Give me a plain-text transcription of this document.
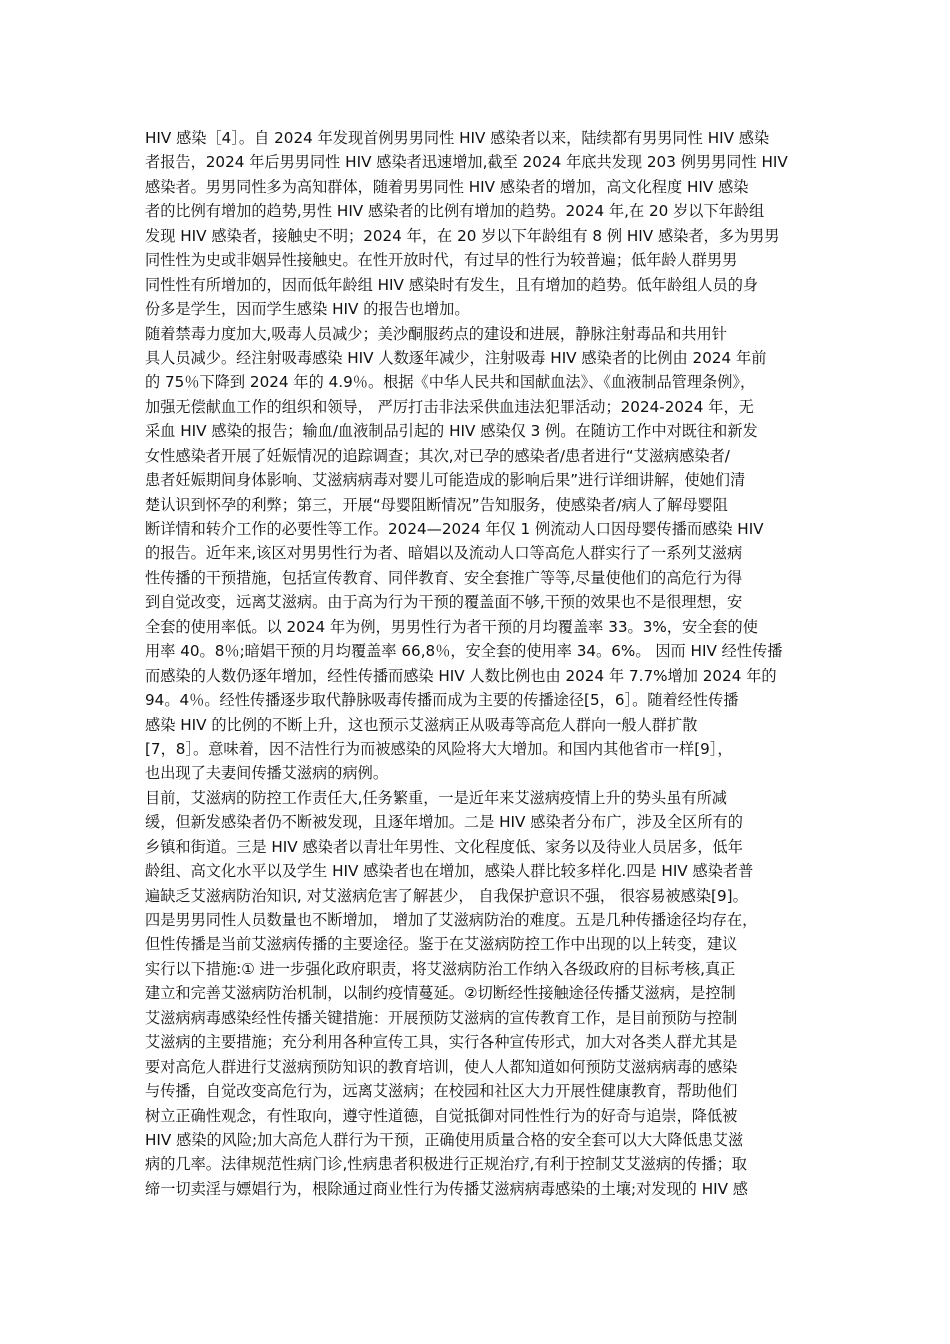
HIV 感染［4］。自 2024 年发现首例男男同性 HIV 感染者以来，陆续都有男男同性 HIV 感染
者报告，2024 年后男男同性 HIV 感染者迅速增加,截至 2024 年底共发现 203 例男男同性 HIV
感染者。男男同性多为高知群体，随着男男同性 HIV 感染者的增加，高文化程度 HIV 感染
者的比例有增加的趋势,男性 HIV 感染者的比例有增加的趋势。2024 年,在 20 岁以下年龄组
发现 HIV 感染者，接触史不明；2024 年，在 20 岁以下年龄组有 8 例 HIV 感染者，多为男男
同性性为史或非姻异性接触史。在性开放时代，有过早的性行为较普遍；低年龄人群男男
同性性有所增加的，因而低年龄组 HIV 感染时有发生，且有增加的趋势。低年龄组人员的身
份多是学生，因而学生感染 HIV 的报告也增加。
随着禁毒力度加大,吸毒人员减少；美沙酮服药点的建设和进展，静脉注射毒品和共用针
具人员减少。经注射吸毒感染 HIV 人数逐年减少，注射吸毒 HIV 感染者的比例由 2024 年前
的 75％下降到 2024 年的 4.9％。根据《中华人民共和国献血法》、《血液制品管理条例》，
加强无偿献血工作的组织和领导， 严厉打击非法采供血违法犯罪活动；2024-2024 年，无
采血 HIV 感染的报告；输血/血液制品引起的 HIV 感染仅 3 例。在随访工作中对既往和新发
女性感染者开展了妊娠情况的追踪调查；其次,对已孕的感染者/患者进行“艾滋病感染者/
患者妊娠期间身体影响、艾滋病病毒对婴儿可能造成的影响后果”进行详细讲解，使她们清
楚认识到怀孕的利弊；第三，开展“母婴阻断情况”告知服务，使感染者/病人了解母婴阻
断详情和转介工作的必要性等工作。2024—2024 年仅 1 例流动人口因母婴传播而感染 HIV
的报告。近年来,该区对男男性行为者、暗娼以及流动人口等高危人群实行了一系列艾滋病
性传播的干预措施，包括宣传教育、同伴教育、安全套推广等等,尽量使他们的高危行为得
到自觉改变，远离艾滋病。由于高为行为干预的覆盖面不够,干预的效果也不是很理想，安
全套的使用率低。以 2024 年为例，男男性行为者干预的月均覆盖率 33。3%，安全套的使
用率 40。8％;暗娼干预的月均覆盖率 66,8％，安全套的使用率 34。6%。 因而 HIV 经性传播
而感染的人数仍逐年增加，经性传播而感染 HIV 人数比例也由 2024 年 7.7%增加 2024 年的
94。4％。经性传播逐步取代静脉吸毒传播而成为主要的传播途径[5，6］。随着经性传播
感染 HIV 的比例的不断上升，这也预示艾滋病正从吸毒等高危人群向一般人群扩散
[7，8］。意味着，因不洁性行为而被感染的风险将大大增加。和国内其他省市一样[9］，
也出现了夫妻间传播艾滋病的病例。
目前，艾滋病的防控工作责任大,任务繁重，一是近年来艾滋病疫情上升的势头虽有所减
缓，但新发感染者仍不断被发现，且逐年增加。二是 HIV 感染者分布广，涉及全区所有的
乡镇和街道。三是 HIV 感染者以青壮年男性、文化程度低、家务以及待业人员居多，低年
龄组、高文化水平以及学生 HIV 感染者也在增加，感染人群比较多样化.四是 HIV 感染者普
遍缺乏艾滋病防治知识, 对艾滋病危害了解甚少， 自我保护意识不强， 很容易被感染[9]。
四是男男同性人员数量也不断增加， 增加了艾滋病防治的难度。五是几种传播途径均存在，
但性传播是当前艾滋病传播的主要途径。鉴于在艾滋病防控工作中出现的以上转变，建议
实行以下措施:① 进一步强化政府职责，将艾滋病防治工作纳入各级政府的目标考核,真正
建立和完善艾滋病防治机制，以制约疫情蔓延。②切断经性接触途径传播艾滋病，是控制
艾滋病病毒感染经性传播关键措施：开展预防艾滋病的宣传教育工作，是目前预防与控制
艾滋病的主要措施；充分利用各种宣传工具，实行各种宣传形式，加大对各类人群尤其是
要对高危人群进行艾滋病预防知识的教育培训，使人人都知道如何预防艾滋病病毒的感染
与传播，自觉改变高危行为，远离艾滋病；在校园和社区大力开展性健康教育，帮助他们
树立正确性观念，有性取向，遵守性道德，自觉抵御对同性性行为的好奇与追崇，降低被
HIV 感染的风险;加大高危人群行为干预，正确使用质量合格的安全套可以大大降低患艾滋
病的几率。法律规范性病门诊,性病患者积极进行正规治疗,有利于控制艾艾滋病的传播；取
缔一切卖淫与嫖娼行为，根除通过商业性行为传播艾滋病病毒感染的土壤;对发现的 HIV 感
